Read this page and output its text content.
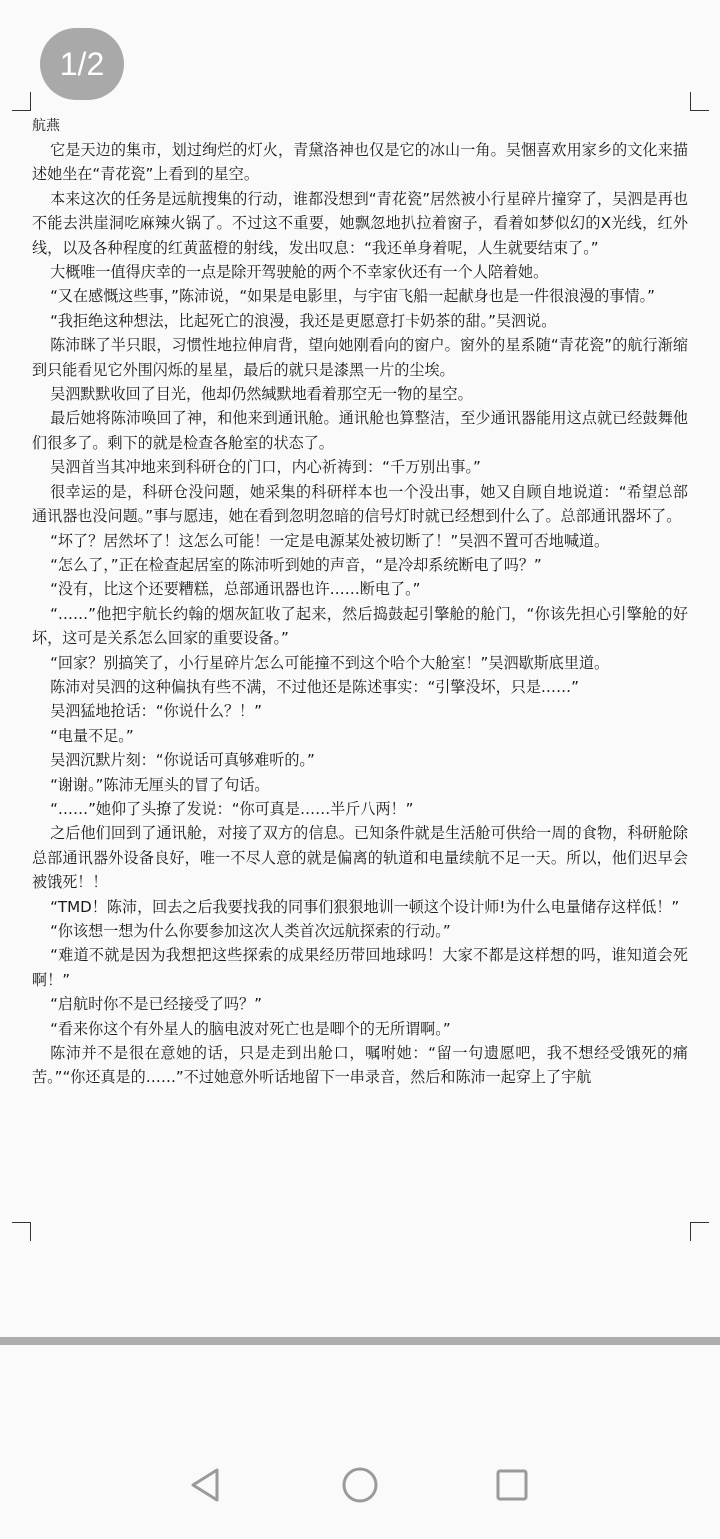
1/2
航燕

它是天边的集市，划过绚烂的灯火，青黛洛神也仅是它的冰山一角。吴悃喜欢用家乡的文化来描述她坐在“青花瓷”上看到的星空。

本来这次的任务是远航搜集的行动，谁都没想到“青花瓷”居然被小行星碎片撞穿了，吴泗是再也不能去洪崖洞吃麻辣火锅了。不过这不重要，她飘忽地扒拉着窗子，看着如梦似幻的X光线，红外线，以及各种程度的红黄蓝橙的射线，发出叹息：“我还单身着呢，人生就要结束了。”

大概唯一值得庆幸的一点是除开驾驶舱的两个不幸家伙还有一个人陪着她。

“又在感慨这些事，”陈沛说，“如果是电影里，与宇宙飞船一起献身也是一件很浪漫的事情。”

“我拒绝这种想法，比起死亡的浪漫，我还是更愿意打卡奶茶的甜。”吴泗说。

陈沛眯了半只眼，习惯性地拉伸肩背，望向她刚看向的窗户。窗外的星系随“青花瓷”的航行渐缩到只能看见它外围闪烁的星星，最后的就只是漆黑一片的尘埃。

吴泗默默收回了目光，他却仍然缄默地看着那空无一物的星空。

最后她将陈沛唤回了神，和他来到通讯舱。通讯舱也算整洁，至少通讯器能用这点就已经鼓舞他们很多了。剩下的就是检查各舱室的状态了。

吴泗首当其冲地来到科研仓的门口，内心祈祷到：“千万别出事。”

很幸运的是，科研仓没问题，她采集的科研样本也一个没出事，她又自顾自地说道：“希望总部通讯器也没问题。”事与愿违，她在看到忽明忽暗的信号灯时就已经想到什么了。总部通讯器坏了。

“坏了？居然坏了！这怎么可能！一定是电源某处被切断了！”吴泗不置可否地喊道。

“怎么了，”正在检查起居室的陈沛听到她的声音，“是冷却系统断电了吗？”

“没有，比这个还要糟糕，总部通讯器也许……断电了。”

“……”他把宇航长约翰的烟灰缸收了起来，然后捣鼓起引擎舱的舱门，“你该先担心引擎舱的好坏，这可是关系怎么回家的重要设备。”

“回家？别搞笑了，小行星碎片怎么可能撞不到这个哈个大舱室！”吴泗歇斯底里道。

陈沛对吴泗的这种偏执有些不满，不过他还是陈述事实：“引擎没坏，只是……”

吴泗猛地抢话：“你说什么？！”

“电量不足。”

吴泗沉默片刻：“你说话可真够难听的。”

“谢谢。”陈沛无厘头的冒了句话。

“……”她仰了头撩了发说：“你可真是……半斤八两！”

之后他们回到了通讯舱，对接了双方的信息。已知条件就是生活舱可供给一周的食物，科研舱除总部通讯器外设备良好，唯一不尽人意的就是偏离的轨道和电量续航不足一天。所以，他们迟早会被饿死！！

“TMD！陈沛，回去之后我要找我的同事们狠狠地训一顿这个设计师!为什么电量储存这样低！”

“你该想一想为什么你要参加这次人类首次远航探索的行动。”

“难道不就是因为我想把这些探索的成果经历带回地球吗！大家不都是这样想的吗，谁知道会死啊！”

“启航时你不是已经接受了吗？”

“看来你这个有外星人的脑电波对死亡也是唧个的无所谓啊。”

陈沛并不是很在意她的话，只是走到出舱口，嘱咐她：“留一句遗愿吧，我不想经受饿死的痛苦。”“你还真是的……”不过她意外听话地留下一串录音，然后和陈沛一起穿上了宇航
